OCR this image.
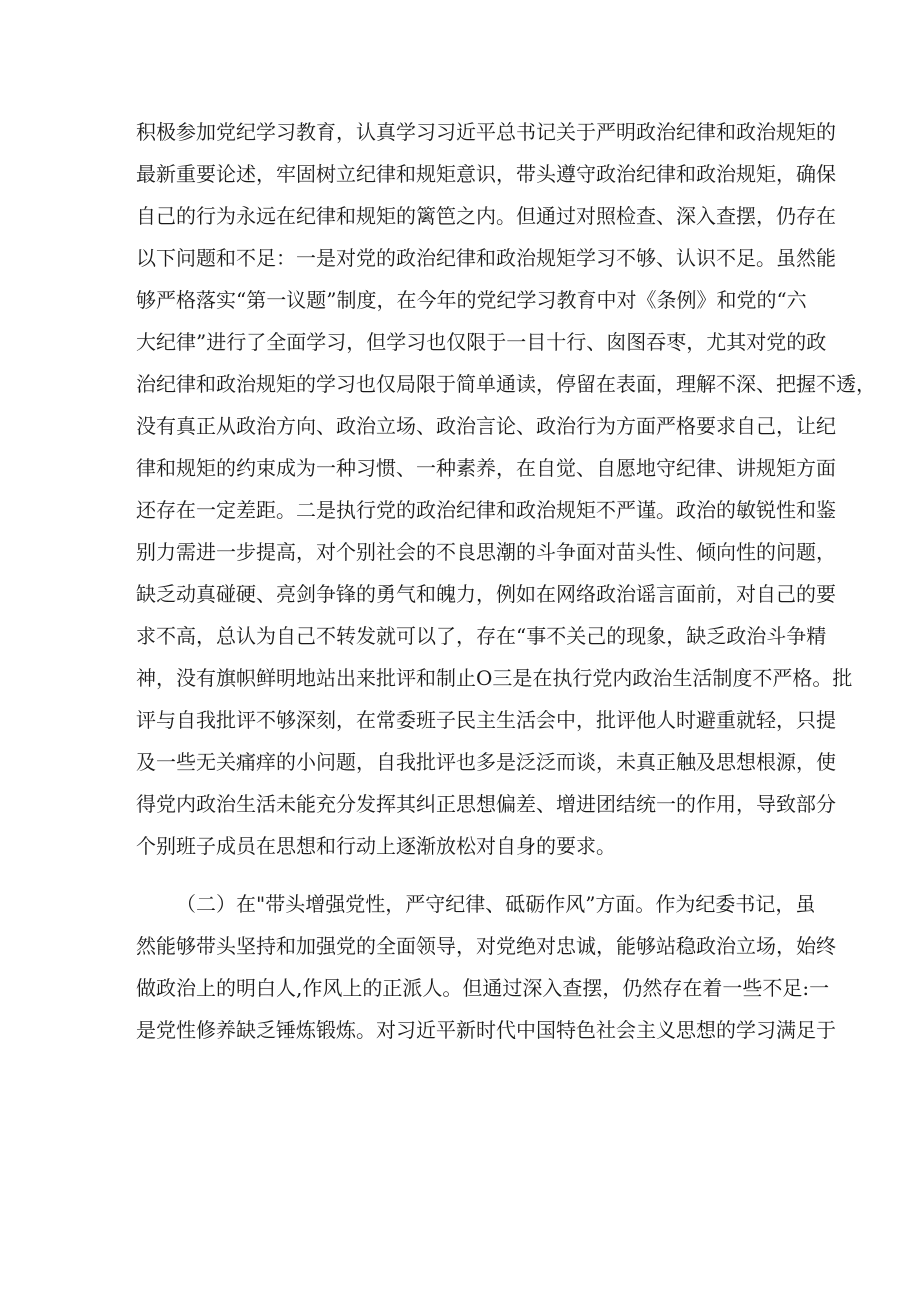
积极参加党纪学习教育，认真学习习近平总书记关于严明政治纪律和政治规矩的
最新重要论述，牢固树立纪律和规矩意识，带头遵守政治纪律和政治规矩，确保
自己的行为永远在纪律和规矩的篱笆之内。但通过对照检查、深入查摆，仍存在
以下问题和不足：一是对党的政治纪律和政治规矩学习不够、认识不足。虽然能
够严格落实“第一议题”制度，在今年的党纪学习教育中对《条例》和党的“六
大纪律”进行了全面学习，但学习也仅限于一目十行、囱图吞枣，尤其对党的政
治纪律和政治规矩的学习也仅局限于简单通读，停留在表面，理解不深、把握不透，
没有真正从政治方向、政治立场、政治言论、政治行为方面严格要求自己，让纪
律和规矩的约束成为一种习惯、一种素养，在自觉、自愿地守纪律、讲规矩方面
还存在一定差距。二是执行党的政治纪律和政治规矩不严谨。政治的敏锐性和鉴
别力需进一步提高，对个别社会的不良思潮的斗争面对苗头性、倾向性的问题，
缺乏动真碰硬、亮剑争锋的勇气和魄力，例如在网络政治谣言面前，对自己的要
求不高，总认为自己不转发就可以了，存在“事不关己的现象，缺乏政治斗争精
神，没有旗帜鲜明地站出来批评和制止O三是在执行党内政治生活制度不严格。批
评与自我批评不够深刻，在常委班子民主生活会中，批评他人时避重就轻，只提
及一些无关痛痒的小问题，自我批评也多是泛泛而谈，未真正触及思想根源，使
得党内政治生活未能充分发挥其纠正思想偏差、增进团结统一的作用，导致部分
个别班子成员在思想和行动上逐渐放松对自身的要求。
（二）在"带头增强党性，严守纪律、砥砺作风”方面。作为纪委书记，虽
然能够带头坚持和加强党的全面领导，对党绝对忠诚，能够站稳政治立场，始终
做政治上的明白人,作风上的正派人。但通过深入查摆，仍然存在着一些不足:一
是党性修养缺乏锤炼锻炼。对习近平新时代中国特色社会主义思想的学习满足于
